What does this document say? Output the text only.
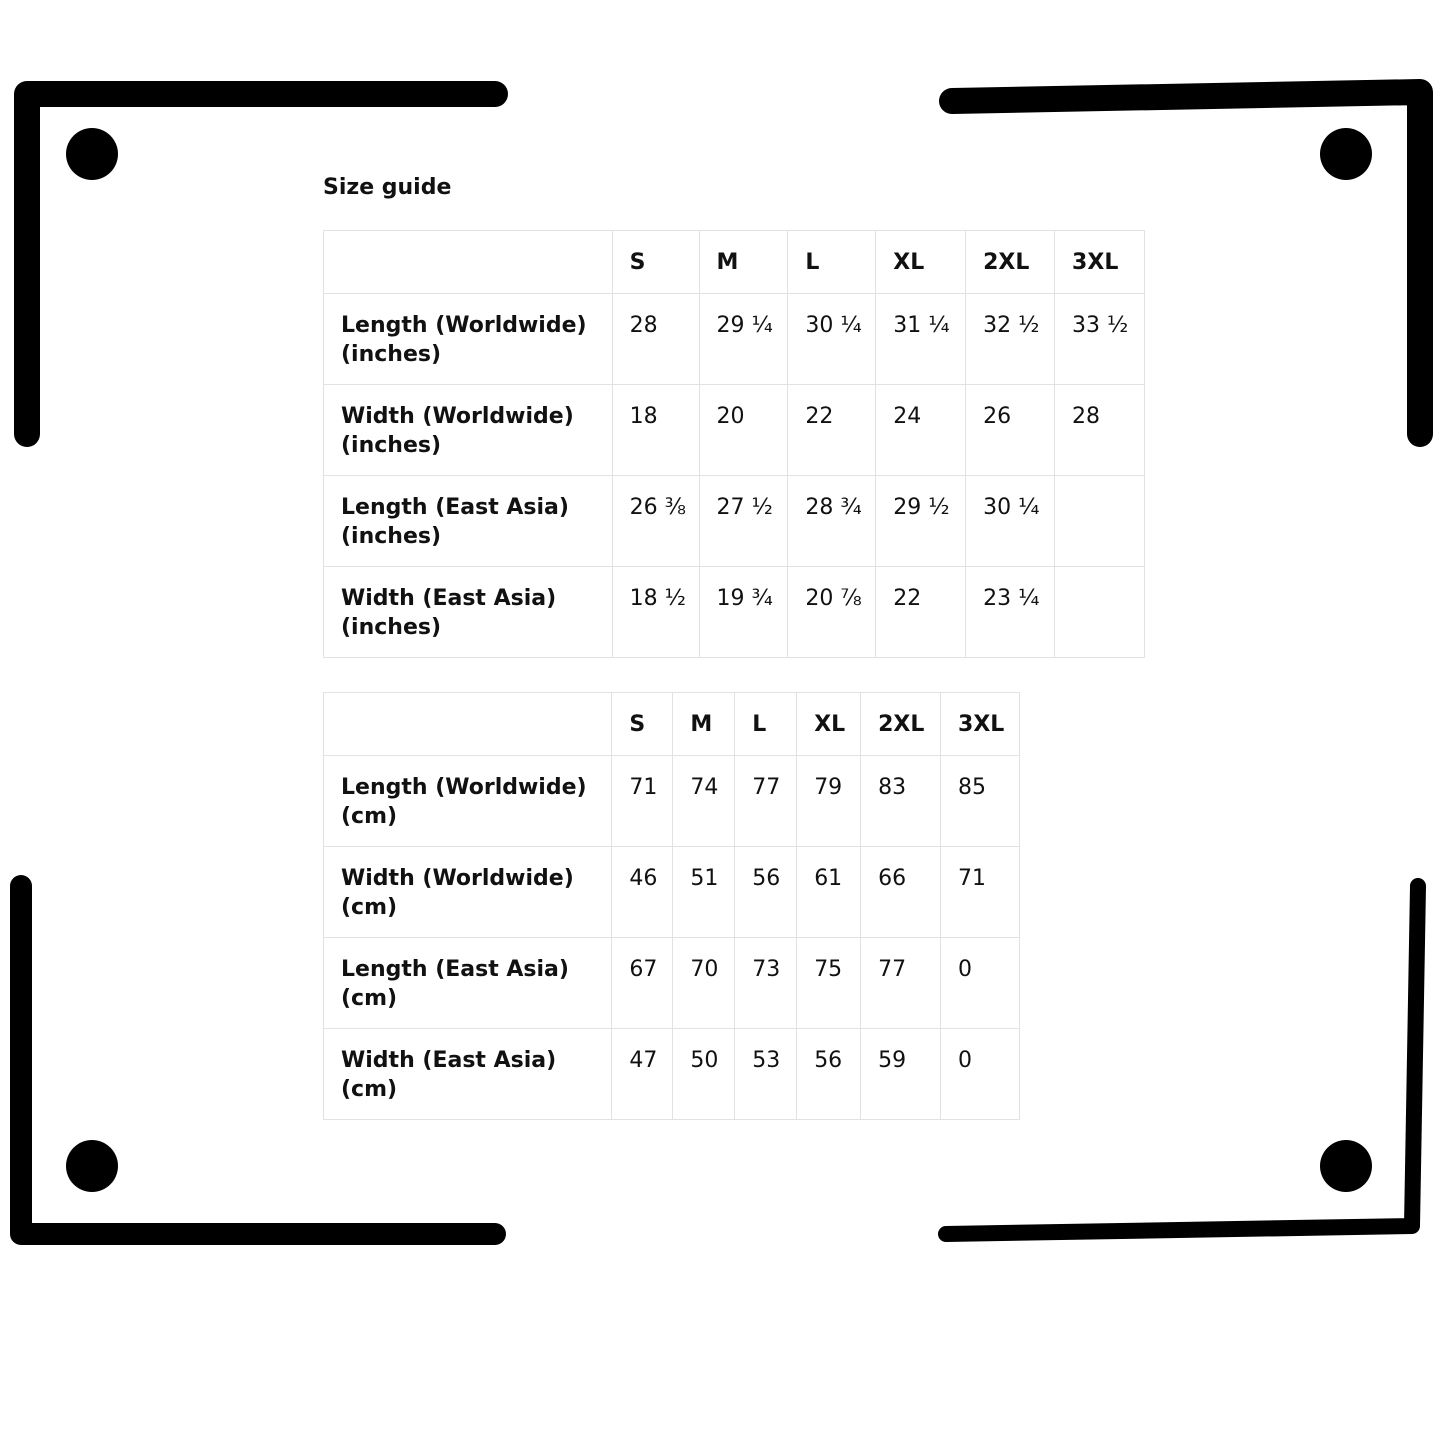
Size guide
	S	M	L	XL	2XL	3XL
Length (Worldwide) (inches)	28	29 ¼	30 ¼	31 ¼	32 ½	33 ½
Width (Worldwide) (inches)	18	20	22	24	26	28
Length (East Asia) (inches)	26 ⅜	27 ½	28 ¾	29 ½	30 ¼	
Width (East Asia) (inches)	18 ½	19 ¾	20 ⅞	22	23 ¼	
	S	M	L	XL	2XL	3XL
Length (Worldwide) (cm)	71	74	77	79	83	85
Width (Worldwide) (cm)	46	51	56	61	66	71
Length (East Asia) (cm)	67	70	73	75	77	0
Width (East Asia) (cm)	47	50	53	56	59	0
